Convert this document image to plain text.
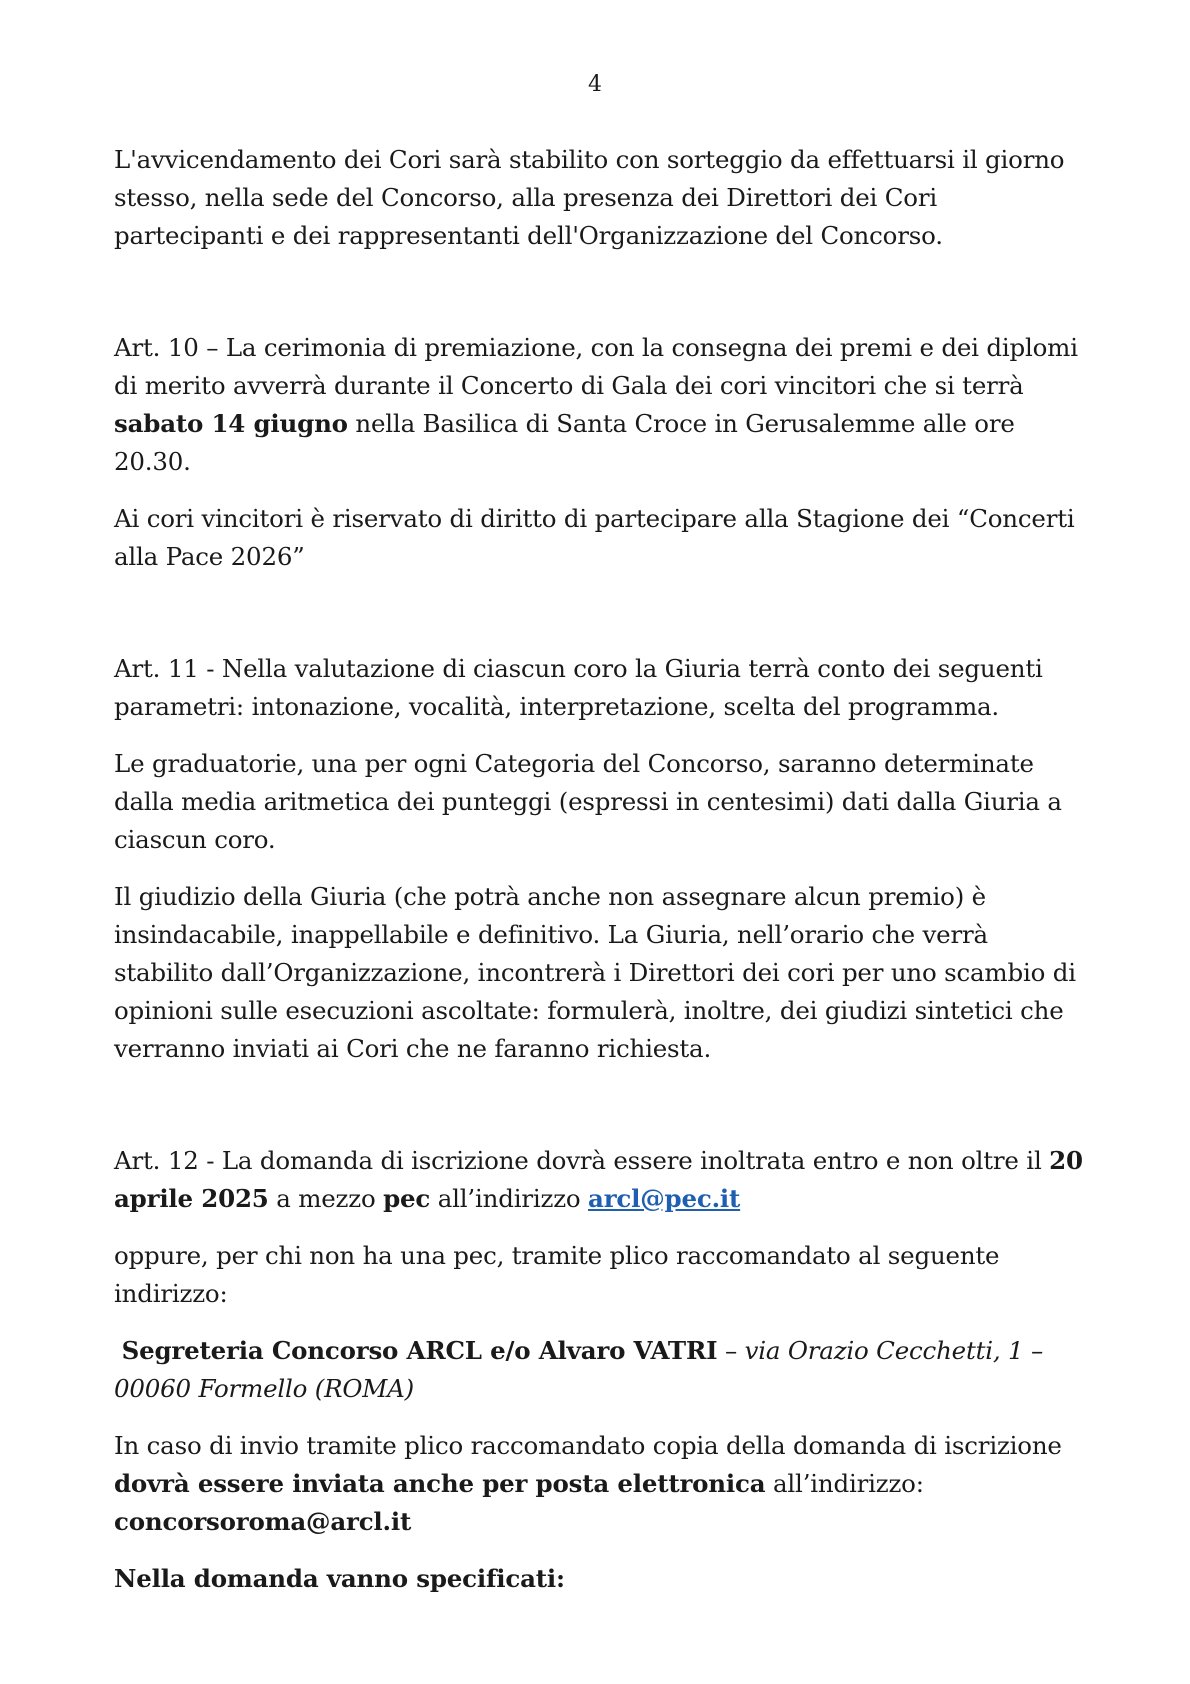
4

L'avvicendamento dei Cori sarà stabilito con sorteggio da effettuarsi il giorno stesso, nella sede del Concorso, alla presenza dei Direttori dei Cori partecipanti e dei rappresentanti dell'Organizzazione del Concorso.

Art. 10 – La cerimonia di premiazione, con la consegna dei premi e dei diplomi di merito avverrà durante il Concerto di Gala dei cori vincitori che si terrà sabato 14 giugno nella Basilica di Santa Croce in Gerusalemme alle ore 20.30.

Ai cori vincitori è riservato di diritto di partecipare alla Stagione dei “Concerti alla Pace 2026”

Art. 11 - Nella valutazione di ciascun coro la Giuria terrà conto dei seguenti parametri: intonazione, vocalità, interpretazione, scelta del programma.

Le graduatorie, una per ogni Categoria del Concorso, saranno determinate dalla media aritmetica dei punteggi (espressi in centesimi) dati dalla Giuria a ciascun coro.

Il giudizio della Giuria (che potrà anche non assegnare alcun premio) è insindacabile, inappellabile e definitivo. La Giuria, nell’orario che verrà stabilito dall’Organizzazione, incontrerà i Direttori dei cori per uno scambio di opinioni sulle esecuzioni ascoltate: formulerà, inoltre, dei giudizi sintetici che verranno inviati ai Cori che ne faranno richiesta.

Art. 12 - La domanda di iscrizione dovrà essere inoltrata entro e non oltre il 20 aprile 2025 a mezzo pec all’indirizzo arcl@pec.it

oppure, per chi non ha una pec, tramite plico raccomandato al seguente indirizzo:

Segreteria Concorso ARCL e/o Alvaro VATRI – via Orazio Cecchetti, 1 – 00060 Formello (ROMA)

In caso di invio tramite plico raccomandato copia della domanda di iscrizione dovrà essere inviata anche per posta elettronica all’indirizzo: concorsoroma@arcl.it

Nella domanda vanno specificati:
